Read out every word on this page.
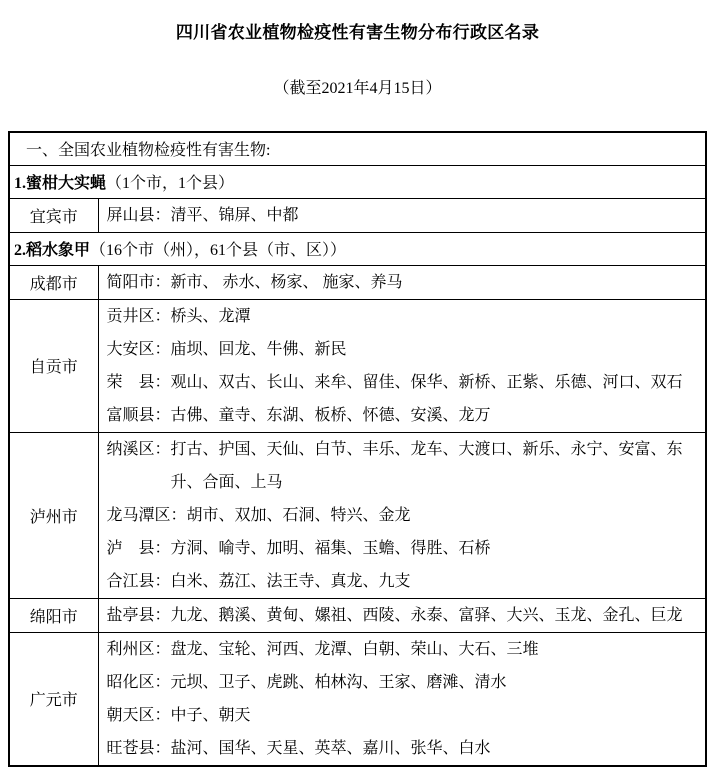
四川省农业植物检疫性有害生物分布行政区名录
（截至2021年4月15日）
一、全国农业植物检疫性有害生物:	
1.蜜柑大实蝇（1个市，1个县）	
宜宾市	屏山县：清平、锦屏、中都

2.稻水象甲（16个市（州），61个县（市、区））	
成都市	简阳市：新市、 赤水、杨家、 施家、养马

自贡市	贡井区：桥头、龙潭

大安区：庙坝、回龙、牛佛、新民

荣　县：观山、双古、长山、来牟、留佳、保华、新桥、正紫、乐德、河口、双石

富顺县：古佛、童寺、东湖、板桥、怀德、安溪、龙万

泸州市	纳溪区：打古、护国、天仙、白节、丰乐、龙车、大渡口、新乐、永宁、安富、东升、合面、上马

龙马潭区：胡市、双加、石洞、特兴、金龙

泸　县：方洞、喻寺、加明、福集、玉蟾、得胜、石桥

合江县：白米、荔江、法王寺、真龙、九支

绵阳市	盐亭县：九龙、鹅溪、黄甸、嫘祖、西陵、永泰、富驿、大兴、玉龙、金孔、巨龙

广元市	利州区：盘龙、宝轮、河西、龙潭、白朝、荣山、大石、三堆

昭化区：元坝、卫子、虎跳、柏林沟、王家、磨滩、清水

朝天区：中子、朝天

旺苍县：盐河、国华、天星、英萃、嘉川、张华、白水
